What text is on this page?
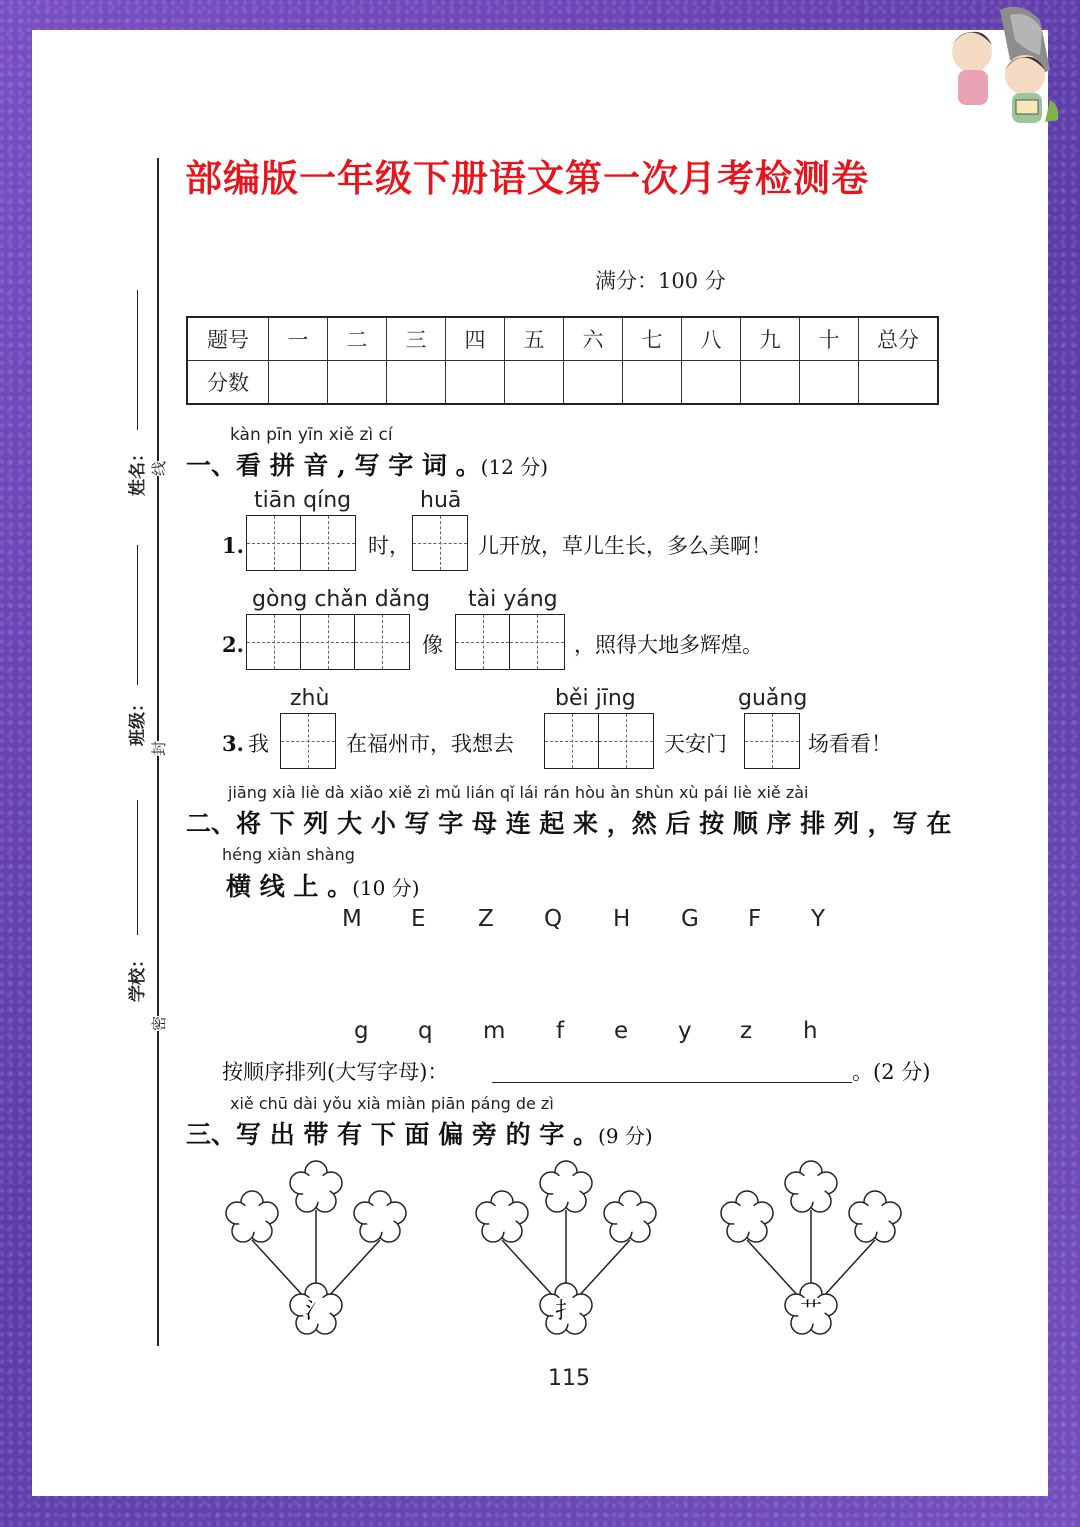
部编版一年级下册语文第一次月考检测卷
姓名：
班级：
学校：
线
封
密
满分：100 分
题号	一	二	三	四	五	六	七	八	九	十	总分
分数											
kàn pīn yīn xiě zì cí
一、看 拼 音 , 写 字 词 。(12 分)
tiān qíng	huā
1.	时，	儿开放，草儿生长，多么美啊！
gòng chǎn dǎng tài yáng
2.	像	，照得大地多辉煌。
zhù	běi jīng	guǎng
3. 我	在福州市，我想去	天安门	场看看！
jiāng xià liè dà xiǎo xiě zì mǔ lián qǐ lái rán hòu àn shùn xù pái liè xiě zài
二、将 下 列 大 小 写 字 母 连 起 来 ，然 后 按 顺 序 排 列 ，写 在
héng xiàn shàng
横 线 上 。(10 分)
M E Z Q H G F Y
g q m f e y z h
按顺序排列(大写字母)：	。(2 分)
xiě chū dài yǒu xià miàn piān páng de zì
三、写 出 带 有 下 面 偏 旁 的 字 。(9 分)
氵	扌	艹
115
